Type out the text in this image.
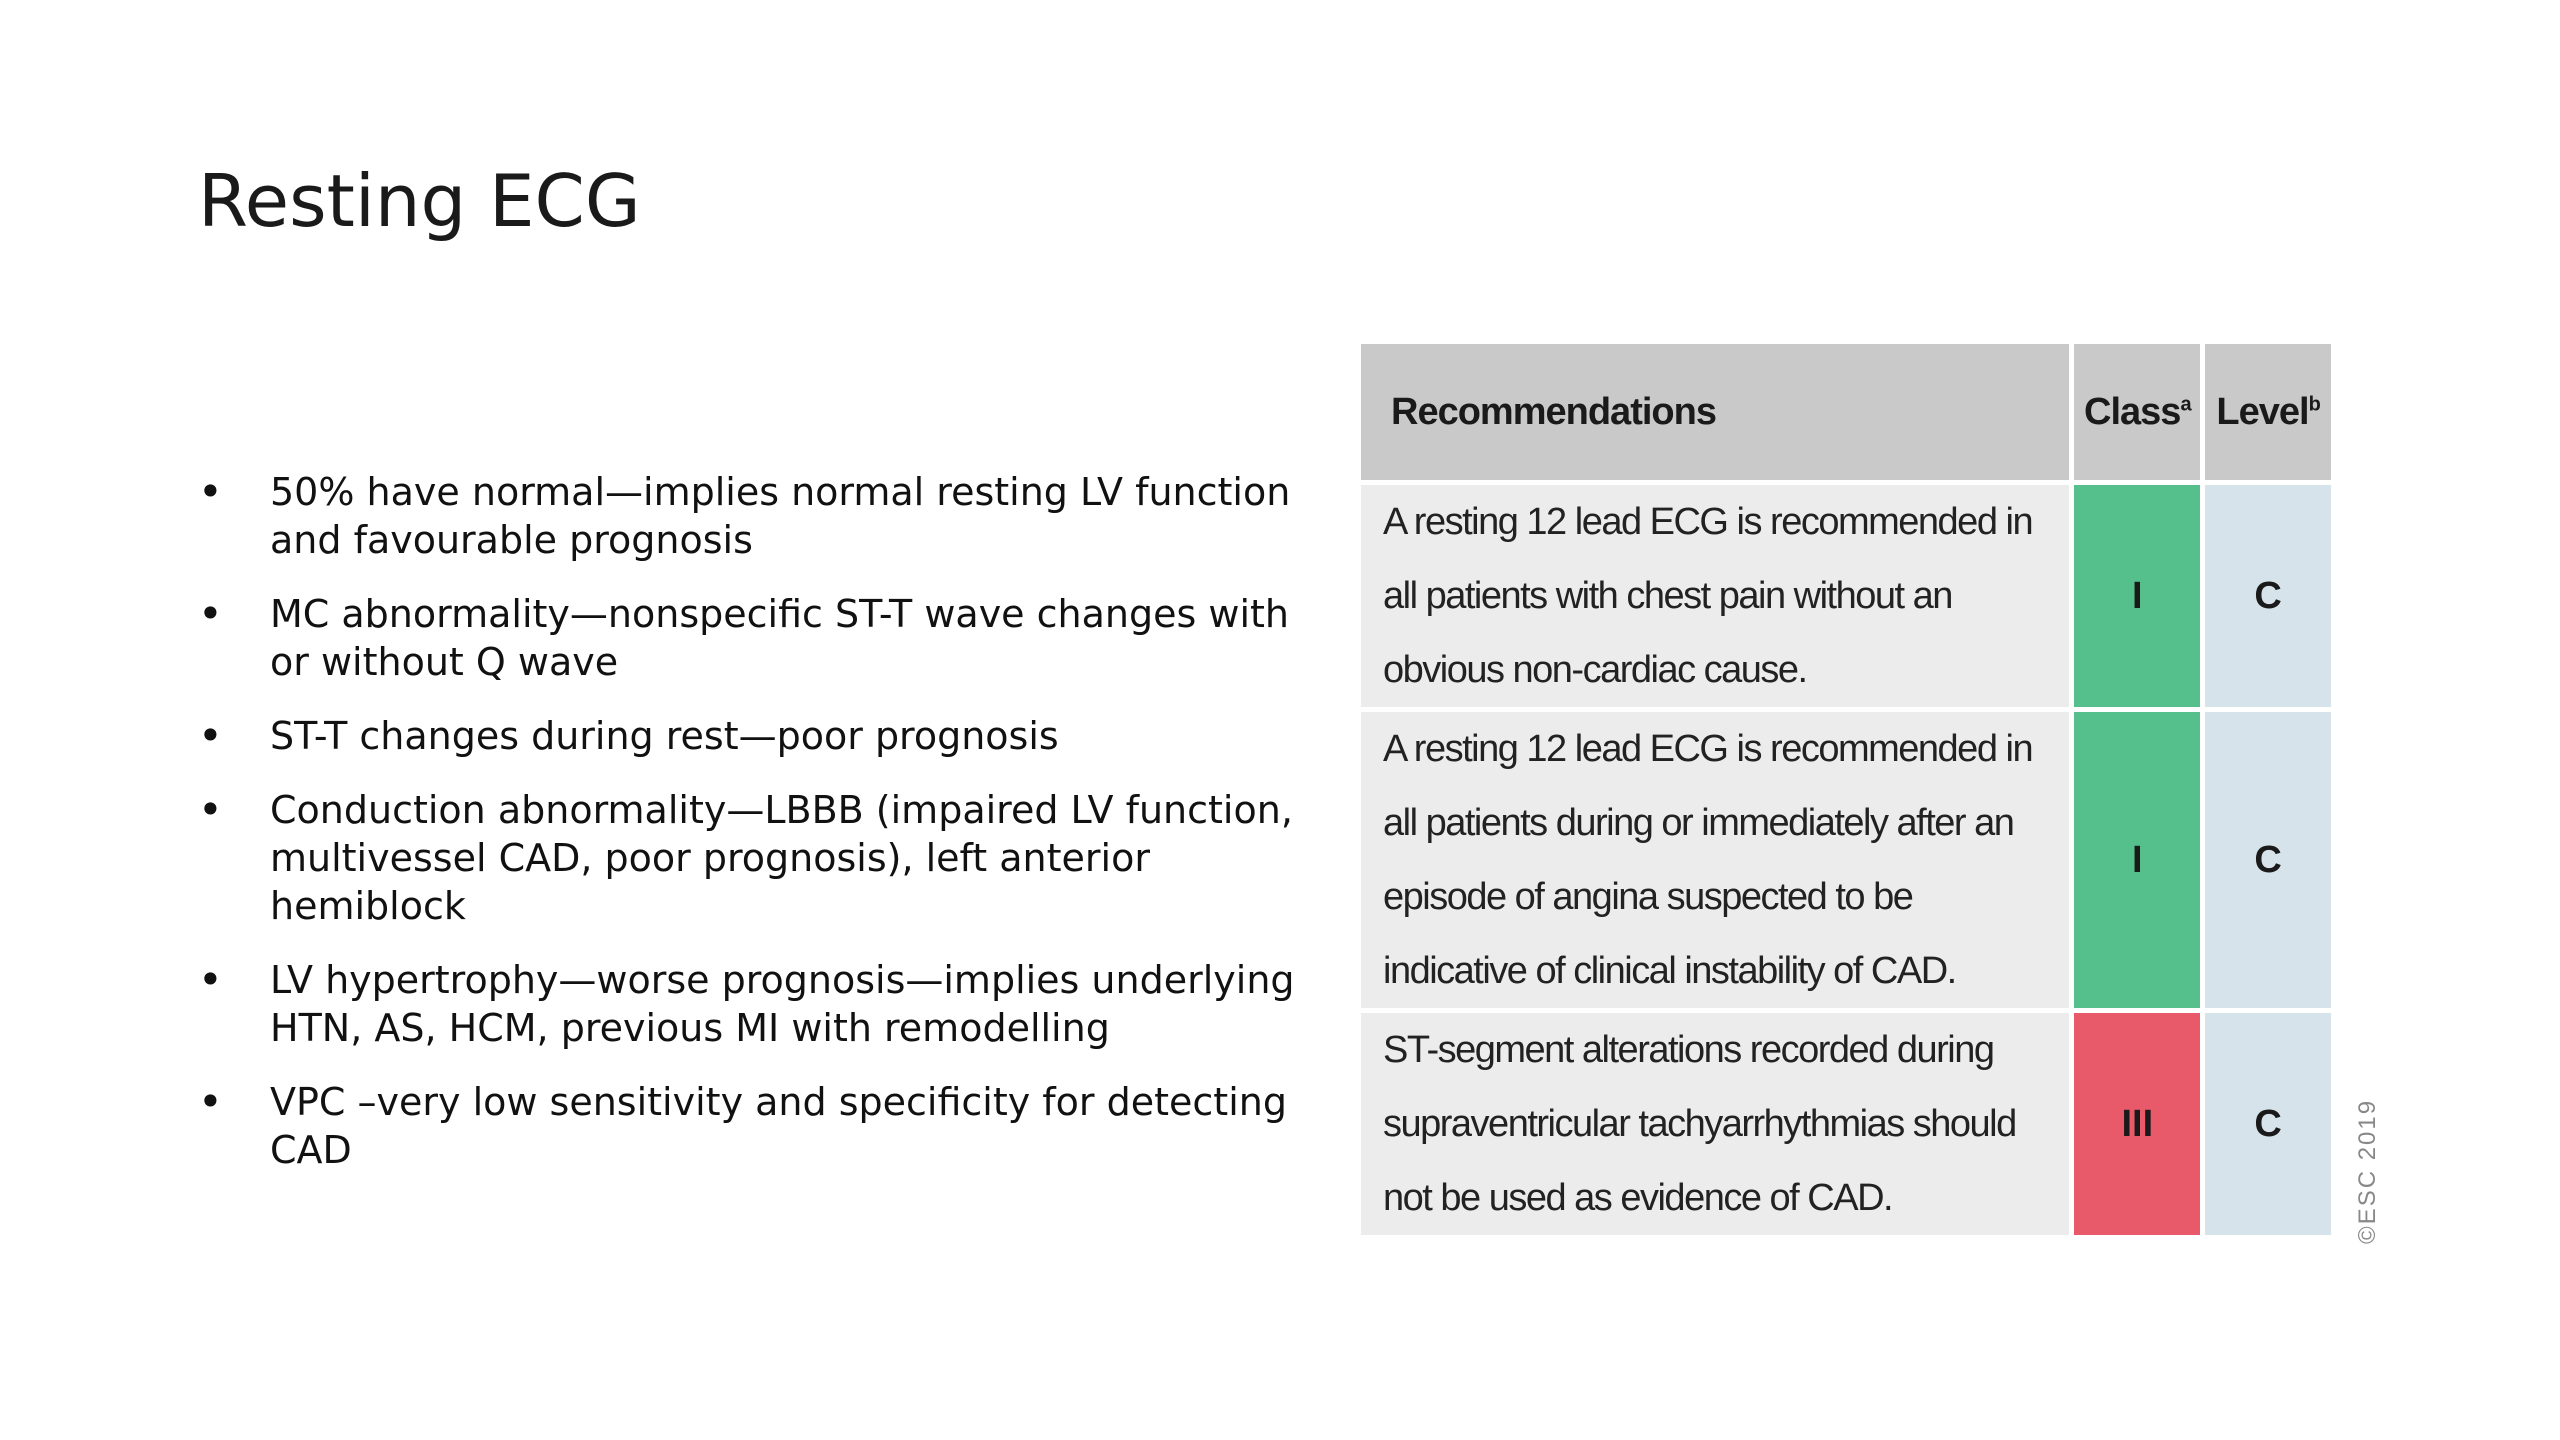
Resting ECG
• 50% have normal—implies normal resting LV function and favourable prognosis
• MC abnormality—nonspecific ST-T wave changes with or without Q wave
• ST-T changes during rest—poor prognosis
• Conduction abnormality—LBBB (impaired LV function, multivessel CAD, poor prognosis), left anterior hemiblock
• LV hypertrophy—worse prognosis—implies underlying HTN, AS, HCM, previous MI with remodelling
• VPC –very low sensitivity and specificity for detecting CAD
Recommendations	Class$^a$	Level$^b$
A resting 12 lead ECG is recommended in all patients with chest pain without an obvious non-cardiac cause.	I	C
A resting 12 lead ECG is recommended in all patients during or immediately after an episode of angina suspected to be indicative of clinical instability of CAD.	I	C
ST-segment alterations recorded during supraventricular tachyarrhythmias should not be used as evidence of CAD.	III	C	©ESC 2019
